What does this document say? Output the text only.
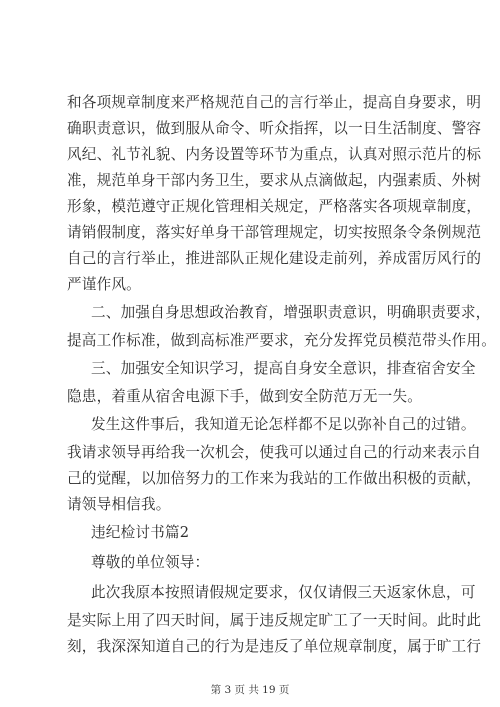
和各项规章制度来严格规范自己的言行举止，提高自身要求，明
确职责意识，做到服从命令、听众指挥，以一日生活制度、警容
风纪、礼节礼貌、内务设置等环节为重点，认真对照示范片的标
准，规范单身干部内务卫生，要求从点滴做起，内强素质、外树
形象，模范遵守正规化管理相关规定，严格落实各项规章制度，
请销假制度，落实好单身干部管理规定，切实按照条令条例规范
自己的言行举止，推进部队正规化建设走前列，养成雷厉风行的
严谨作风。
二、加强自身思想政治教育，增强职责意识，明确职责要求，
提高工作标准，做到高标准严要求，充分发挥党员模范带头作用。
三、加强安全知识学习，提高自身安全意识，排查宿舍安全
隐患，着重从宿舍电源下手，做到安全防范万无一失。
发生这件事后，我知道无论怎样都不足以弥补自己的过错。
我请求领导再给我一次机会，使我可以通过自己的行动来表示自
己的觉醒，以加倍努力的工作来为我站的工作做出积极的贡献，
请领导相信我。
违纪检讨书篇2
尊敬的单位领导：
此次我原本按照请假规定要求，仅仅请假三天返家休息，可
是实际上用了四天时间，属于违反规定旷工了一天时间。此时此
刻，我深深知道自己的行为是违反了单位规章制度，属于旷工行
第 3 页 共 19 页
